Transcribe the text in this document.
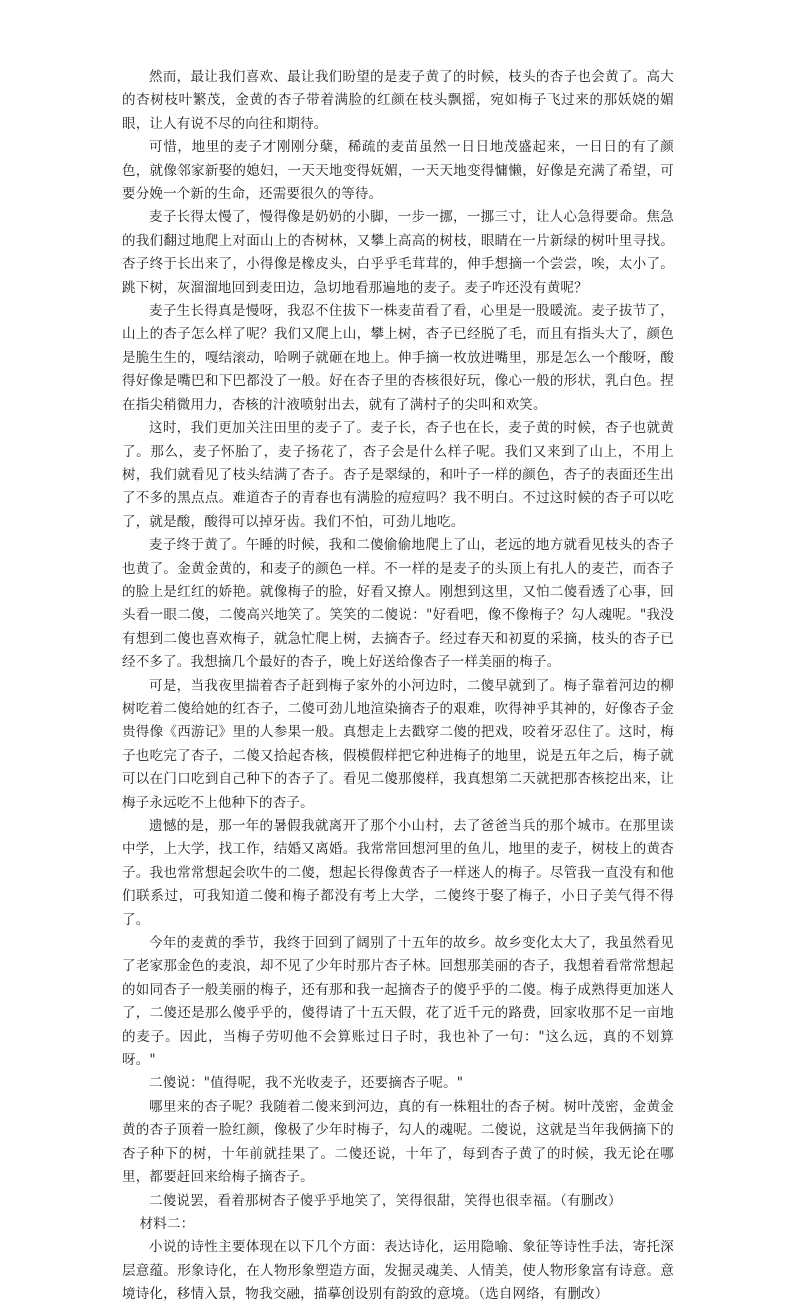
然而，最让我们喜欢、最让我们盼望的是麦子黄了的时候，枝头的杏子也会黄了。高大的杏树枝叶繁茂，金黄的杏子带着满脸的红颜在枝头飘摇，宛如梅子飞过来的那妖娆的媚眼，让人有说不尽的向往和期待。

可惜，地里的麦子才刚刚分蘖，稀疏的麦苗虽然一日日地茂盛起来，一日日的有了颜色，就像邻家新娶的媳妇，一天天地变得妩媚，一天天地变得慵懒，好像是充满了希望，可要分娩一个新的生命，还需要很久的等待。

麦子长得太慢了，慢得像是奶奶的小脚，一步一挪，一挪三寸，让人心急得要命。焦急的我们翻过地爬上对面山上的杏树林，又攀上高高的树枝，眼睛在一片新绿的树叶里寻找。杏子终于长出来了，小得像是橡皮头，白乎乎毛茸茸的，伸手想摘一个尝尝，唉，太小了。跳下树，灰溜溜地回到麦田边，急切地看那遍地的麦子。麦子咋还没有黄呢？

麦子生长得真是慢呀，我忍不住拔下一株麦苗看了看，心里是一股暖流。麦子拔节了，山上的杏子怎么样了呢？我们又爬上山，攀上树，杏子已经脱了毛，而且有指头大了，颜色是脆生生的，嘎结滚动，哈咧子就砸在地上。伸手摘一枚放进嘴里，那是怎么一个酸呀，酸得好像是嘴巴和下巴都没了一般。好在杏子里的杏核很好玩，像心一般的形状，乳白色。捏在指尖稍微用力，杏核的汁液喷射出去，就有了满村子的尖叫和欢笑。

这时，我们更加关注田里的麦子了。麦子长，杏子也在长，麦子黄的时候，杏子也就黄了。那么，麦子怀胎了，麦子扬花了，杏子会是什么样子呢。我们又来到了山上，不用上树，我们就看见了枝头结满了杏子。杏子是翠绿的，和叶子一样的颜色，杏子的表面还生出了不多的黑点点。难道杏子的青春也有满脸的痘痘吗？我不明白。不过这时候的杏子可以吃了，就是酸，酸得可以掉牙齿。我们不怕，可劲儿地吃。

麦子终于黄了。午睡的时候，我和二傻偷偷地爬上了山，老远的地方就看见枝头的杏子也黄了。金黄金黄的，和麦子的颜色一样。不一样的是麦子的头顶上有扎人的麦芒，而杏子的脸上是红红的娇艳。就像梅子的脸，好看又撩人。刚想到这里，又怕二傻看透了心事，回头看一眼二傻，二傻高兴地笑了。笑笑的二傻说："好看吧，像不像梅子？勾人魂呢。"我没有想到二傻也喜欢梅子，就急忙爬上树，去摘杏子。经过春天和初夏的采摘，枝头的杏子已经不多了。我想摘几个最好的杏子，晚上好送给像杏子一样美丽的梅子。

可是，当我夜里揣着杏子赶到梅子家外的小河边时，二傻早就到了。梅子靠着河边的柳树吃着二傻给她的红杏子，二傻可劲儿地渲染摘杏子的艰难，吹得神乎其神的，好像杏子金贵得像《西游记》里的人参果一般。真想走上去戳穿二傻的把戏，咬着牙忍住了。这时，梅子也吃完了杏子，二傻又拾起杏核，假模假样把它种进梅子的地里，说是五年之后，梅子就可以在门口吃到自己种下的杏子了。看见二傻那傻样，我真想第二天就把那杏核挖出来，让梅子永远吃不上他种下的杏子。

遗憾的是，那一年的暑假我就离开了那个小山村，去了爸爸当兵的那个城市。在那里读中学，上大学，找工作，结婚又离婚。我常常回想河里的鱼儿，地里的麦子，树枝上的黄杏子。我也常常想起会吹牛的二傻，想起长得像黄杏子一样迷人的梅子。尽管我一直没有和他们联系过，可我知道二傻和梅子都没有考上大学，二傻终于娶了梅子，小日子美气得不得了。

今年的麦黄的季节，我终于回到了阔别了十五年的故乡。故乡变化太大了，我虽然看见了老家那金色的麦浪，却不见了少年时那片杏子林。回想那美丽的杏子，我想着看常常想起的如同杏子一般美丽的梅子，还有那和我一起摘杏子的傻乎乎的二傻。梅子成熟得更加迷人了，二傻还是那么傻乎乎的，傻得请了十五天假，花了近千元的路费，回家收那不足一亩地的麦子。因此，当梅子劳叨他不会算账过日子时，我也补了一句："这么远，真的不划算呀。"

二傻说："值得呢，我不光收麦子，还要摘杏子呢。"

哪里来的杏子呢？我随着二傻来到河边，真的有一株粗壮的杏子树。树叶茂密，金黄金黄的杏子顶着一脸红颜，像极了少年时梅子，勾人的魂呢。二傻说，这就是当年我俩摘下的杏子种下的树，十年前就挂果了。二傻还说，十年了，每到杏子黄了的时候，我无论在哪里，都要赶回来给梅子摘杏子。

二傻说罢，看着那树杏子傻乎乎地笑了，笑得很甜，笑得也很幸福。（有删改）

材料二：

小说的诗性主要体现在以下几个方面：表达诗化，运用隐喻、象征等诗性手法，寄托深层意蕴。形象诗化，在人物形象塑造方面，发掘灵魂美、人情美，使人物形象富有诗意。意境诗化，移情入景，物我交融，描摹创设别有韵致的意境。（选自网络，有删改）
